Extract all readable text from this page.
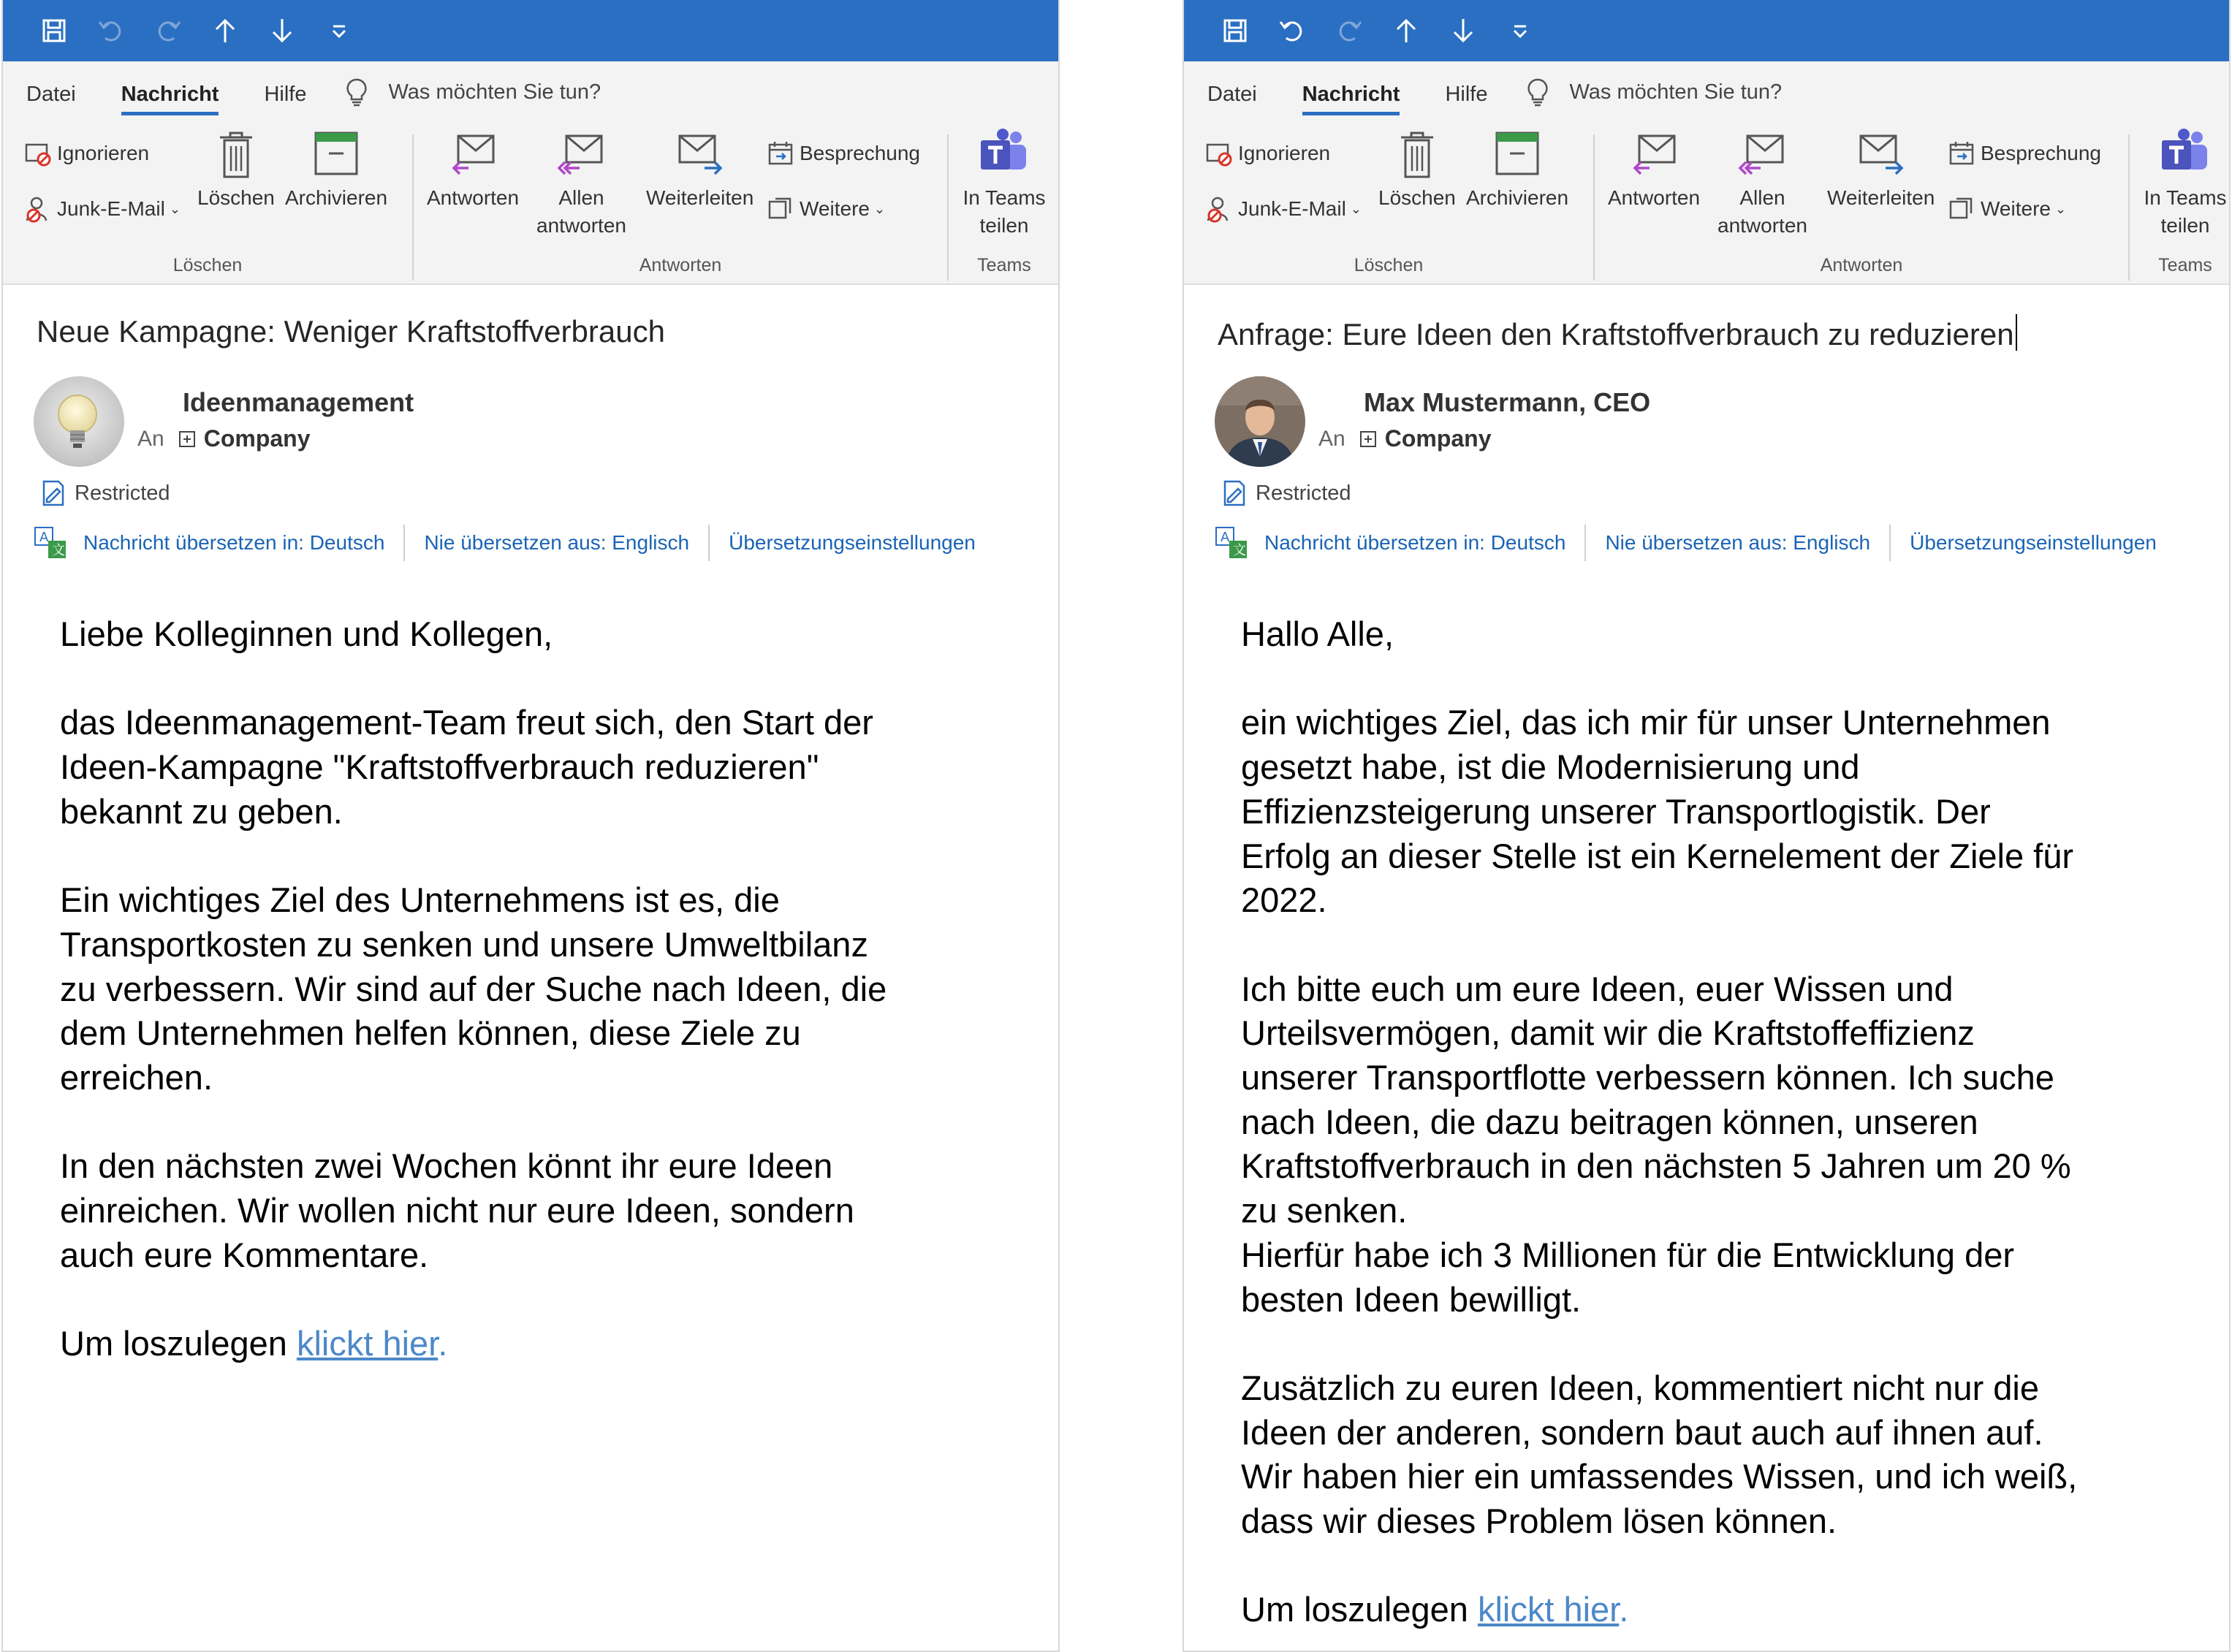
Datei Nachricht Hilfe	Was möchten Sie tun?
Ignorieren
Junk-E-Mail ⌄ Löschen Archivieren
Löschen
Antworten Allen
antworten
Weiterleiten
Besprechung
Weitere ⌄
Antworten
In Teams
teilen
Teams
Neue Kampagne: Weniger Kraftstoffverbrauch
Ideenmanagement
An Company
Restricted
A
文 Nachricht übersetzen in: Deutsch Nie übersetzen aus: Englisch Übersetzungseinstellungen

Liebe Kolleginnen und Kollegen,

das Ideenmanagement-Team freut sich, den Start der

Ideen-Kampagne "Kraftstoffverbrauch reduzieren"

bekannt zu geben.

Ein wichtiges Ziel des Unternehmens ist es, die

Transportkosten zu senken und unsere Umweltbilanz

zu verbessern. Wir sind auf der Suche nach Ideen, die

dem Unternehmen helfen können, diese Ziele zu

erreichen.

In den nächsten zwei Wochen könnt ihr eure Ideen

einreichen. Wir wollen nicht nur eure Ideen, sondern

auch eure Kommentare.

Um loszulegen klickt hier.

Datei Nachricht Hilfe	Was möchten Sie tun?
Ignorieren
Junk-E-Mail ⌄ Löschen Archivieren
Löschen
Antworten Allen
antworten
Weiterleiten
Besprechung
Weitere ⌄
Antworten
In Teams
teilen
Teams
Anfrage: Eure Ideen den Kraftstoffverbrauch zu reduzieren
Max Mustermann, CEO
An Company
Restricted
A
文 Nachricht übersetzen in: Deutsch Nie übersetzen aus: Englisch Übersetzungseinstellungen

Hallo Alle,

ein wichtiges Ziel, das ich mir für unser Unternehmen

gesetzt habe, ist die Modernisierung und

Effizienzsteigerung unserer Transportlogistik. Der

Erfolg an dieser Stelle ist ein Kernelement der Ziele für

2022.

Ich bitte euch um eure Ideen, euer Wissen und

Urteilsvermögen, damit wir die Kraftstoffeffizienz

unserer Transportflotte verbessern können. Ich suche

nach Ideen, die dazu beitragen können, unseren

Kraftstoffverbrauch in den nächsten 5 Jahren um 20 %

zu senken.

Hierfür habe ich 3 Millionen für die Entwicklung der

besten Ideen bewilligt.

Zusätzlich zu euren Ideen, kommentiert nicht nur die

Ideen der anderen, sondern baut auch auf ihnen auf.

Wir haben hier ein umfassendes Wissen, und ich weiß,

dass wir dieses Problem lösen können.

Um loszulegen klickt hier.
